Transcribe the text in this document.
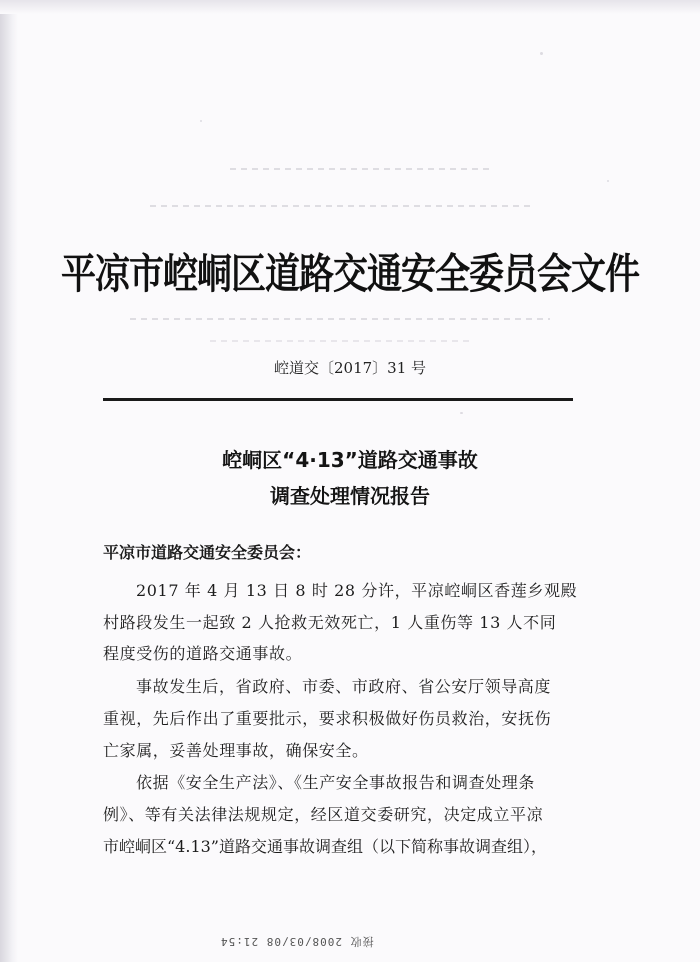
平凉市崆峒区道路交通安全委员会文件
崆道交〔2017〕31 号
崆峒区“4·13”道路交通事故
调查处理情况报告
平凉市道路交通安全委员会：
2017 年 4 月 13 日 8 时 28 分许，平凉崆峒区香莲乡观殿
村路段发生一起致 2 人抢救无效死亡，1 人重伤等 13 人不同
程度受伤的道路交通事故。
事故发生后，省政府、市委、市政府、省公安厅领导高度
重视，先后作出了重要批示，要求积极做好伤员救治，安抚伤
亡家属，妥善处理事故，确保安全。
依据《安全生产法》、《生产安全事故报告和调查处理条
例》、等有关法律法规规定，经区道交委研究，决定成立平凉
市崆峒区“4.13”道路交通事故调查组（以下简称事故调查组），
接收 2008/03/08 21:54
